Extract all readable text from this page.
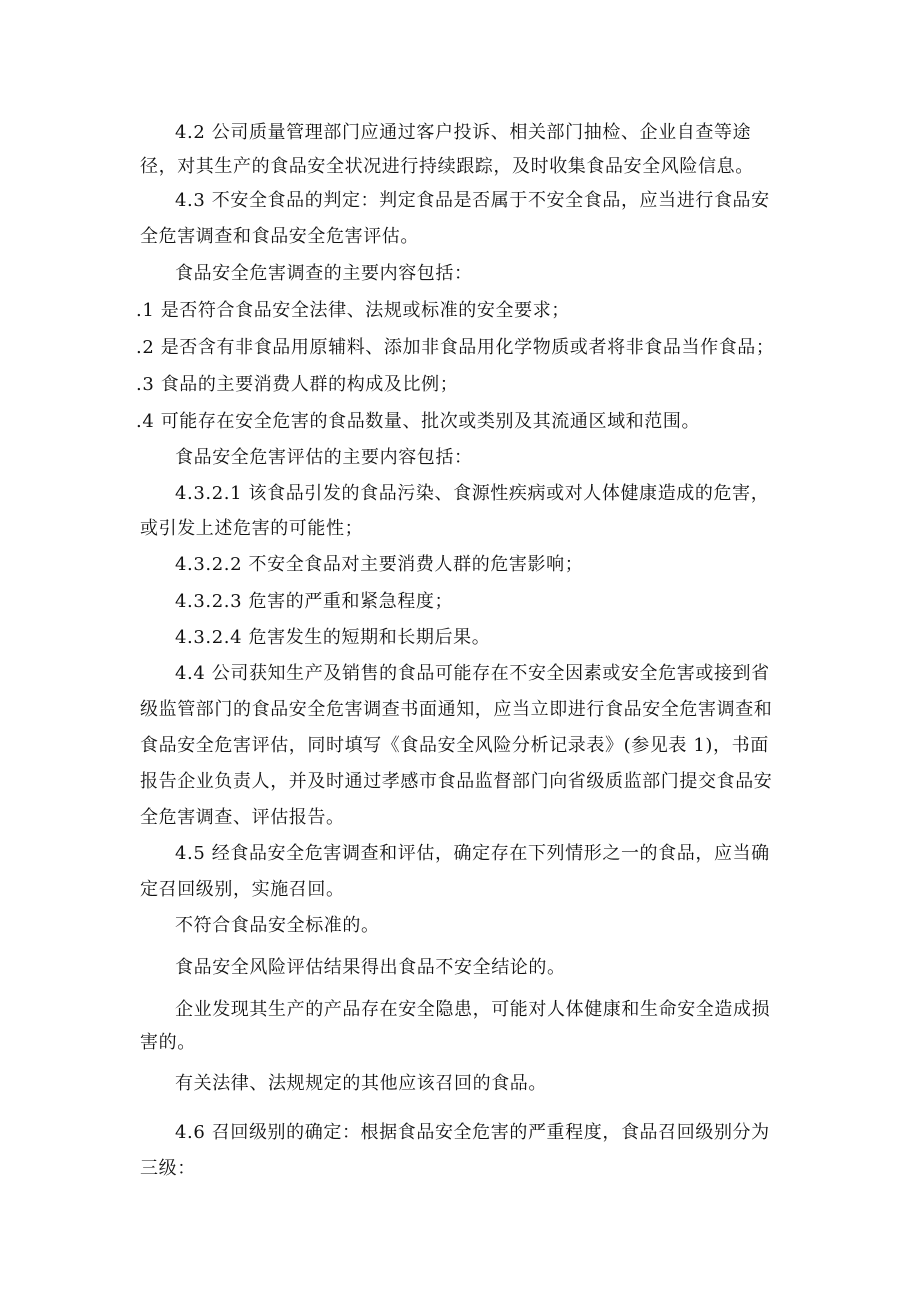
4.2 公司质量管理部门应通过客户投诉、相关部门抽检、企业自查等途
径，对其生产的食品安全状况进行持续跟踪，及时收集食品安全风险信息。
4.3 不安全食品的判定：判定食品是否属于不安全食品，应当进行食品安
全危害调查和食品安全危害评估。
食品安全危害调查的主要内容包括：
.1 是否符合食品安全法律、法规或标准的安全要求；
.2 是否含有非食品用原辅料、添加非食品用化学物质或者将非食品当作食品；
.3 食品的主要消费人群的构成及比例；
.4 可能存在安全危害的食品数量、批次或类别及其流通区域和范围。
食品安全危害评估的主要内容包括：
4.3.2.1 该食品引发的食品污染、食源性疾病或对人体健康造成的危害，
或引发上述危害的可能性；
4.3.2.2 不安全食品对主要消费人群的危害影响；
4.3.2.3 危害的严重和紧急程度；
4.3.2.4 危害发生的短期和长期后果。
4.4 公司获知生产及销售的食品可能存在不安全因素或安全危害或接到省
级监管部门的食品安全危害调查书面通知，应当立即进行食品安全危害调查和
食品安全危害评估，同时填写《食品安全风险分析记录表》(参见表 1)，书面
报告企业负责人，并及时通过孝感市食品监督部门向省级质监部门提交食品安
全危害调查、评估报告。
4.5 经食品安全危害调查和评估，确定存在下列情形之一的食品，应当确
定召回级别，实施召回。
不符合食品安全标准的。
食品安全风险评估结果得出食品不安全结论的。
企业发现其生产的产品存在安全隐患，可能对人体健康和生命安全造成损
害的。
有关法律、法规规定的其他应该召回的食品。
4.6 召回级别的确定：根据食品安全危害的严重程度，食品召回级别分为
三级：
